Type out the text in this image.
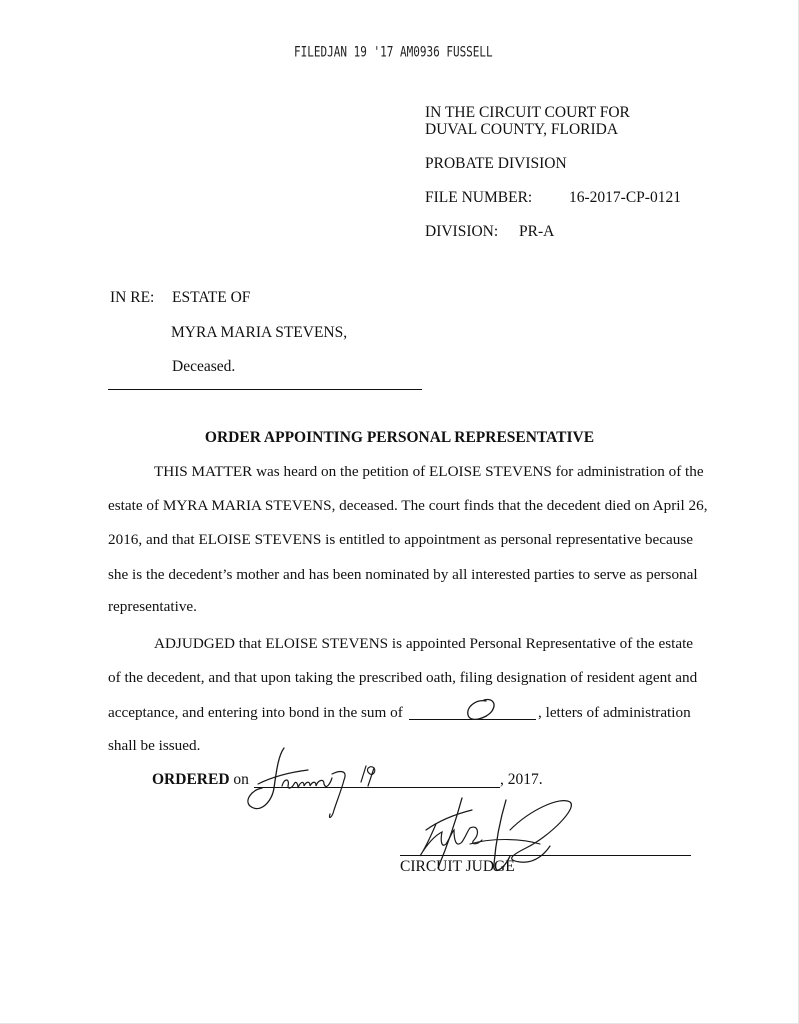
FILEDJAN 19 '17 AM0936 FUSSELL
IN THE CIRCUIT COURT FOR
DUVAL COUNTY, FLORIDA
PROBATE DIVISION
FILE NUMBER: 16-2017-CP-0121
DIVISION: PR-A
IN RE: ESTATE OF
MYRA MARIA STEVENS,
Deceased.
ORDER APPOINTING PERSONAL REPRESENTATIVE
THIS MATTER was heard on the petition of ELOISE STEVENS for administration of the
estate of MYRA MARIA STEVENS, deceased. The court finds that the decedent died on April 26,
2016, and that ELOISE STEVENS is entitled to appointment as personal representative because
she is the decedent’s mother and has been nominated by all interested parties to serve as personal
representative.
ADJUDGED that ELOISE STEVENS is appointed Personal Representative of the estate
of the decedent, and that upon taking the prescribed oath, filing designation of resident agent and
acceptance, and entering into bond in the sum of	, letters of administration
shall be issued.
ORDERED on	, 2017.
CIRCUIT JUDGE
